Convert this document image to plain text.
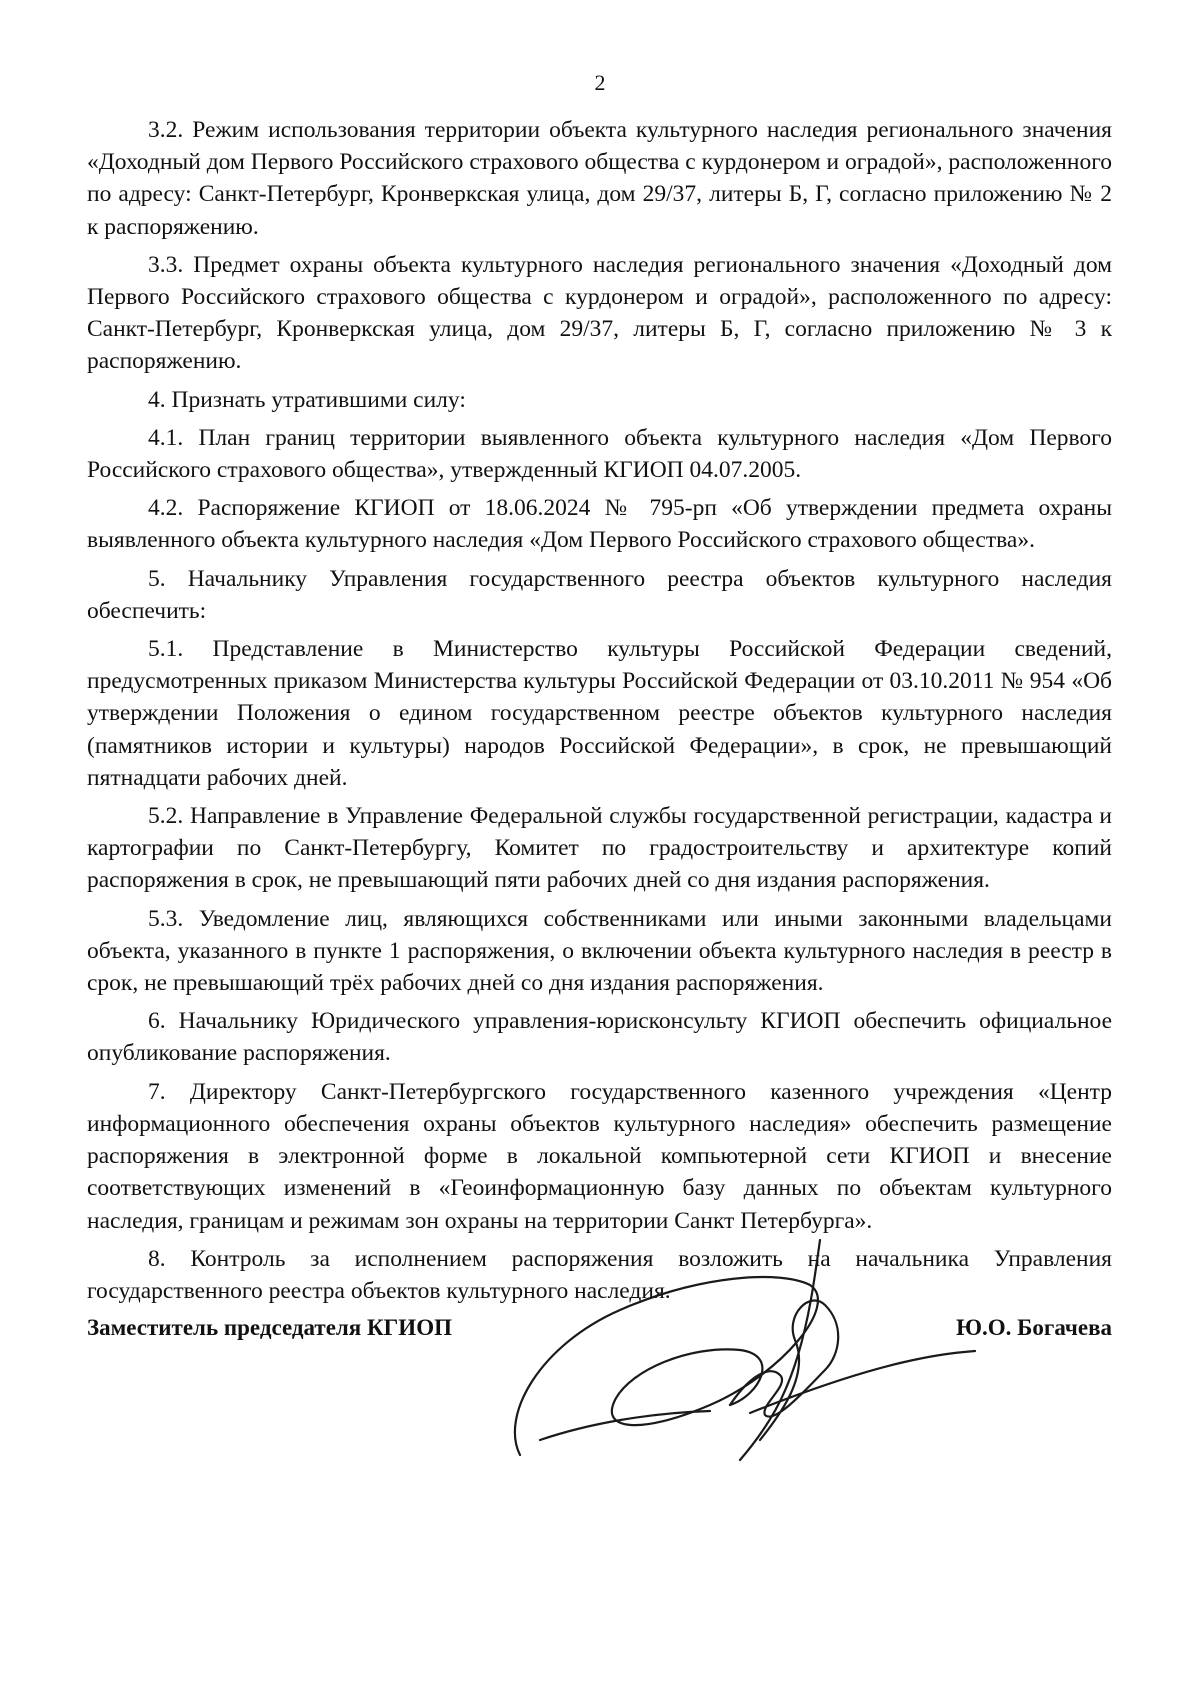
2

3.2. Режим использования территории объекта культурного наследия регионального значения «Доходный дом Первого Российского страхового общества с курдонером и оградой», расположенного по адресу: Санкт-Петербург, Кронверкская улица, дом 29/37, литеры Б, Г, согласно приложению № 2 к распоряжению.

3.3. Предмет охраны объекта культурного наследия регионального значения «Доходный дом Первого Российского страхового общества с курдонером и оградой», расположенного по адресу: Санкт-Петербург, Кронверкская улица, дом 29/37, литеры Б, Г, согласно приложению № 3 к распоряжению.

4. Признать утратившими силу:

4.1. План границ территории выявленного объекта культурного наследия «Дом Первого Российского страхового общества», утвержденный КГИОП 04.07.2005.

4.2. Распоряжение КГИОП от 18.06.2024 № 795-рп «Об утверждении предмета охраны выявленного объекта культурного наследия «Дом Первого Российского страхового общества».

5. Начальнику Управления государственного реестра объектов культурного наследия обеспечить:

5.1. Представление в Министерство культуры Российской Федерации сведений, предусмотренных приказом Министерства культуры Российской Федерации от 03.10.2011 № 954 «Об утверждении Положения о едином государственном реестре объектов культурного наследия (памятников истории и культуры) народов Российской Федерации», в срок, не превышающий пятнадцати рабочих дней.

5.2. Направление в Управление Федеральной службы государственной регистрации, кадастра и картографии по Санкт-Петербургу, Комитет по градостроительству и архитектуре копий распоряжения в срок, не превышающий пяти рабочих дней со дня издания распоряжения.

5.3. Уведомление лиц, являющихся собственниками или иными законными владельцами объекта, указанного в пункте 1 распоряжения, о включении объекта культурного наследия в реестр в срок, не превышающий трёх рабочих дней со дня издания распоряжения.

6. Начальнику Юридического управления-юрисконсульту КГИОП обеспечить официальное опубликование распоряжения.

7. Директору Санкт-Петербургского государственного казенного учреждения «Центр информационного обеспечения охраны объектов культурного наследия» обеспечить размещение распоряжения в электронной форме в локальной компьютерной сети КГИОП и внесение соответствующих изменений в «Геоинформационную базу данных по объектам культурного наследия, границам и режимам зон охраны на территории Санкт Петербурга».

8. Контроль за исполнением распоряжения возложить на начальника Управления государственного реестра объектов культурного наследия.

Заместитель председателя КГИОП	Ю.О. Богачева
